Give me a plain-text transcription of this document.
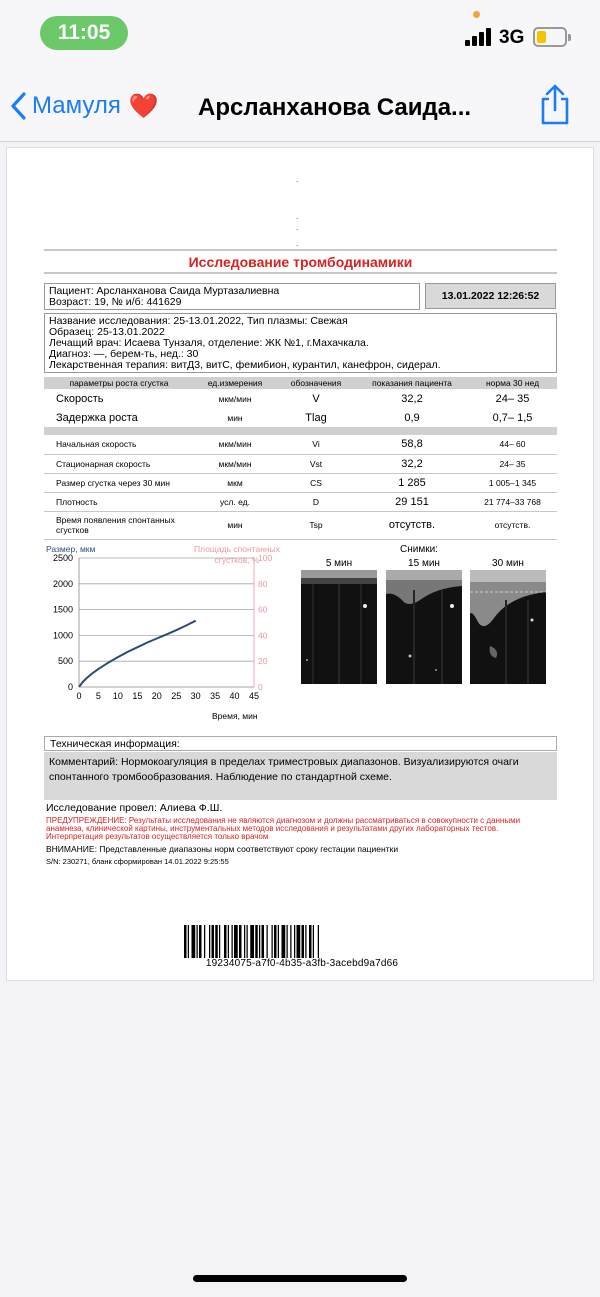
11:05	3G
Мамуля ❤️ Арсланханова Саида...
.
.
.
.
Исследование тромбодинамики
Пациент: Арсланханова Саида Муртазалиевна
Возраст: 19, № и/б: 441629	13.01.2022 12:26:52
Название исследования: 25-13.01.2022, Тип плазмы: Свежая
Образец: 25-13.01.2022
Лечащий врач: Исаева Тунзаля, отделение: ЖК №1, г.Махачкала.
Диагноз: —, берем-ть, нед.: 30
Лекарственная терапия: витД3, витС, фемибион, курантил, канефрон, сидерал.
параметры роста сгустка	ед.измерения	обозначения	показания пациента	норма 30 нед
Скорость	мкм/мин	V	32,2	24– 35
Задержка роста	мин	Tlag	0,9	0,7– 1,5

Начальная скорость	мкм/мин	Vi	58,8	44– 60
Стационарная скорость	мкм/мин	Vst	32,2	24– 35
Размер сгустка через 30 мин	мкм	CS	1 285	1 005–1 345
Плотность	усл. ед.	D	29 151	21 774–33 768
Время появления спонтанных сгустков	мин	Tsp	отсутств.	отсутств.
Размер, мкм	Площадь спонтанных сгустков, %
0
500
1000
1500
2000
2500
0
20
40
60
80
100
0 5 10 15 20 25 30 35 40 45
Время, мин
Снимки:
5 мин	15 мин	30 мин
Техническая информация:
Комментарий: Нормокоагуляция в пределах триместровых диапазонов. Визуализируются очаги спонтанного тромбообразования. Наблюдение по стандартной схеме.
Исследование провел: Алиева Ф.Ш.
ПРЕДУПРЕЖДЕНИЕ: Результаты исследования не являются диагнозом и должны рассматриваться в совокупности с данными анамнеза, клинической картины, инструментальных методов исследования и результатами других лабораторных тестов. Интерпретация результатов осуществляется только врачом
ВНИМАНИЕ: Представленные диапазоны норм соответствуют сроку гестации пациентки
S/N: 230271, бланк сформирован 14.01.2022 9:25:55
19234075-a7f0-4b35-a3fb-3acebd9a7d66
